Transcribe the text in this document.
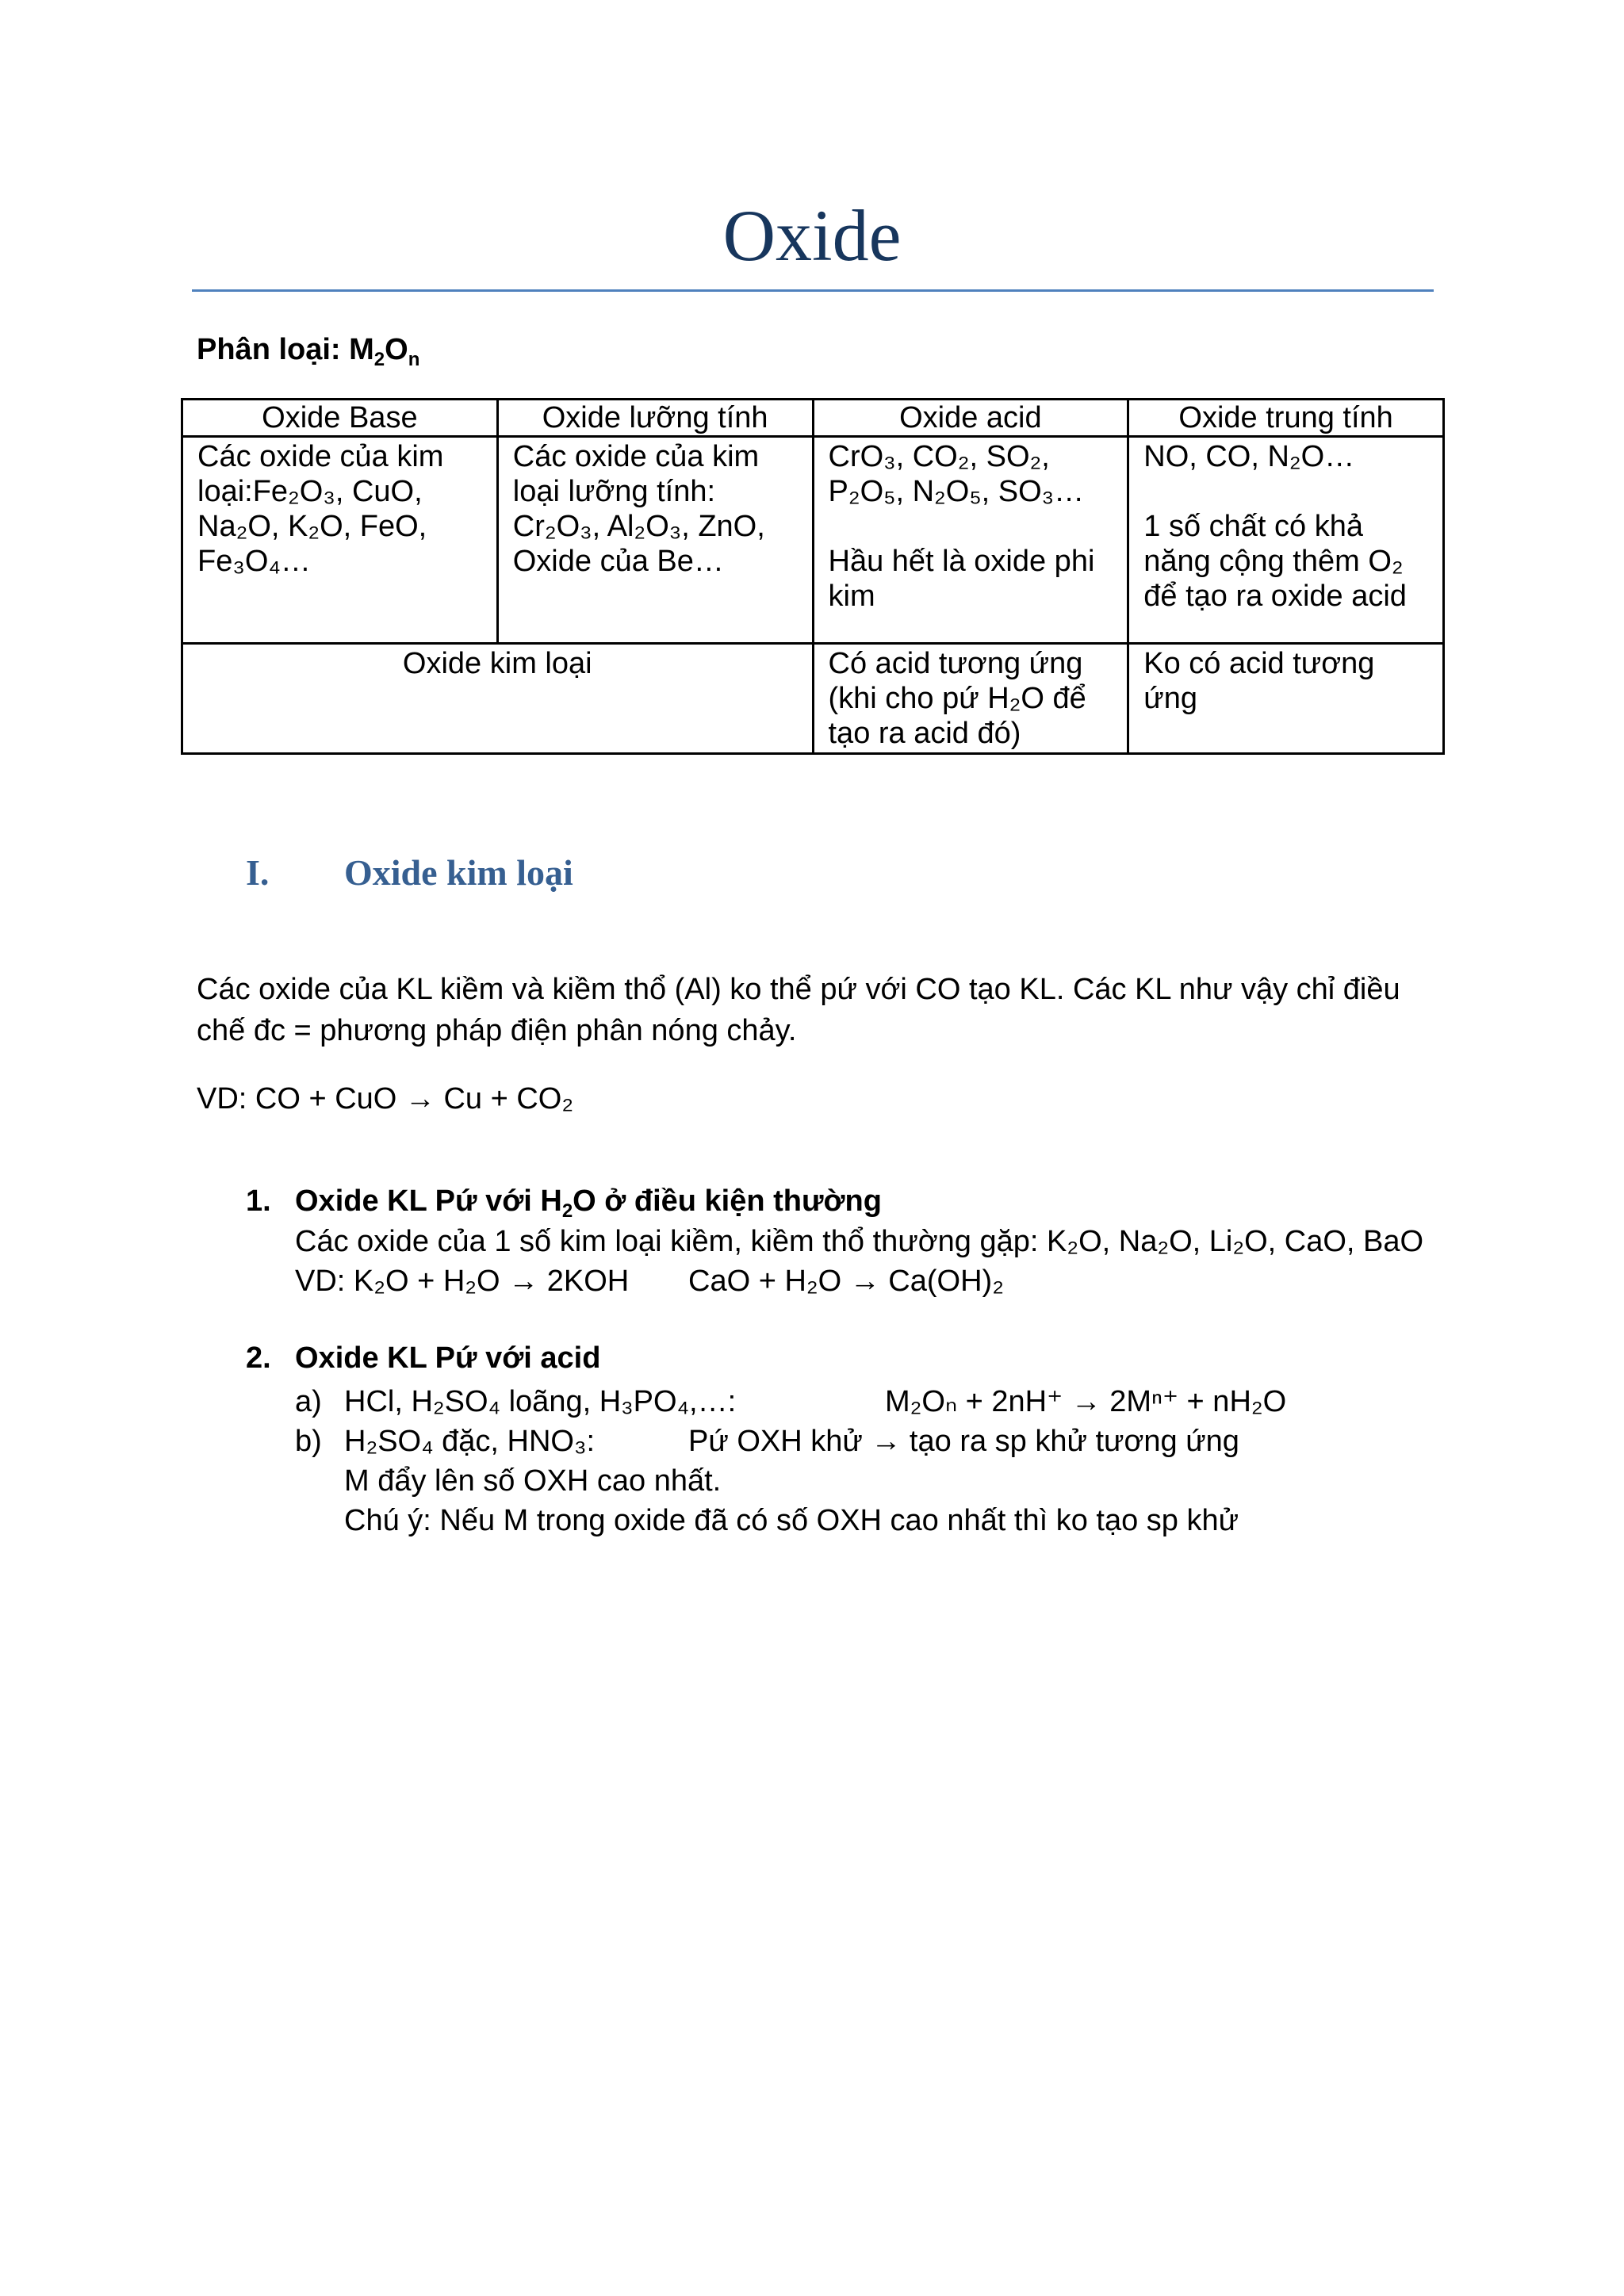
Oxide
Phân loại: $M_2O_n$
Oxide Base	Oxide lưỡng tính	Oxide acid	Oxide trung tính

Các oxide của kim
loại:Fe₂O₃, CuO,
Na₂O, K₂O, FeO,
Fe₃O₄…	Các oxide của kim
loại lưỡng tính:
Cr₂O₃, Al₂O₃, ZnO,
Oxide của Be…	CrO₃, CO₂, SO₂,
P₂O₅, N₂O₅, SO₃…
Hầu hết là oxide phi
kim	NO, CO, N₂O…
1 số chất có khả
năng cộng thêm O₂
để tạo ra oxide acid

Oxide kim loại		Có acid tương ứng
(khi cho pứ H₂O để
tạo ra acid đó)	Ko có acid tương
ứng
I. Oxide kim loại
Các oxide của KL kiềm và kiềm thổ (Al) ko thể pứ với CO tạo KL. Các KL như vậy chỉ điều chế đc = phương pháp điện phân nóng chảy.
VD: CO + CuO → Cu + CO₂
1. Oxide KL Pứ với $H_2O$ ở điều kiện thường
Các oxide của 1 số kim loại kiềm, kiềm thổ thường gặp: K₂O, Na₂O, Li₂O, CaO, BaO
VD: K₂O + H₂O → 2KOH CaO + H₂O → Ca(OH)₂
2. Oxide KL Pứ với acid
a) HCl, H₂SO₄ loãng, H₃PO₄,…:	M₂Oₙ + 2nH⁺ → 2Mⁿ⁺ + nH₂O
b) H₂SO₄ đặc, HNO₃:	Pứ OXH khử → tạo ra sp khử tương ứng
M đẩy lên số OXH cao nhất.
Chú ý: Nếu M trong oxide đã có số OXH cao nhất thì ko tạo sp khử
